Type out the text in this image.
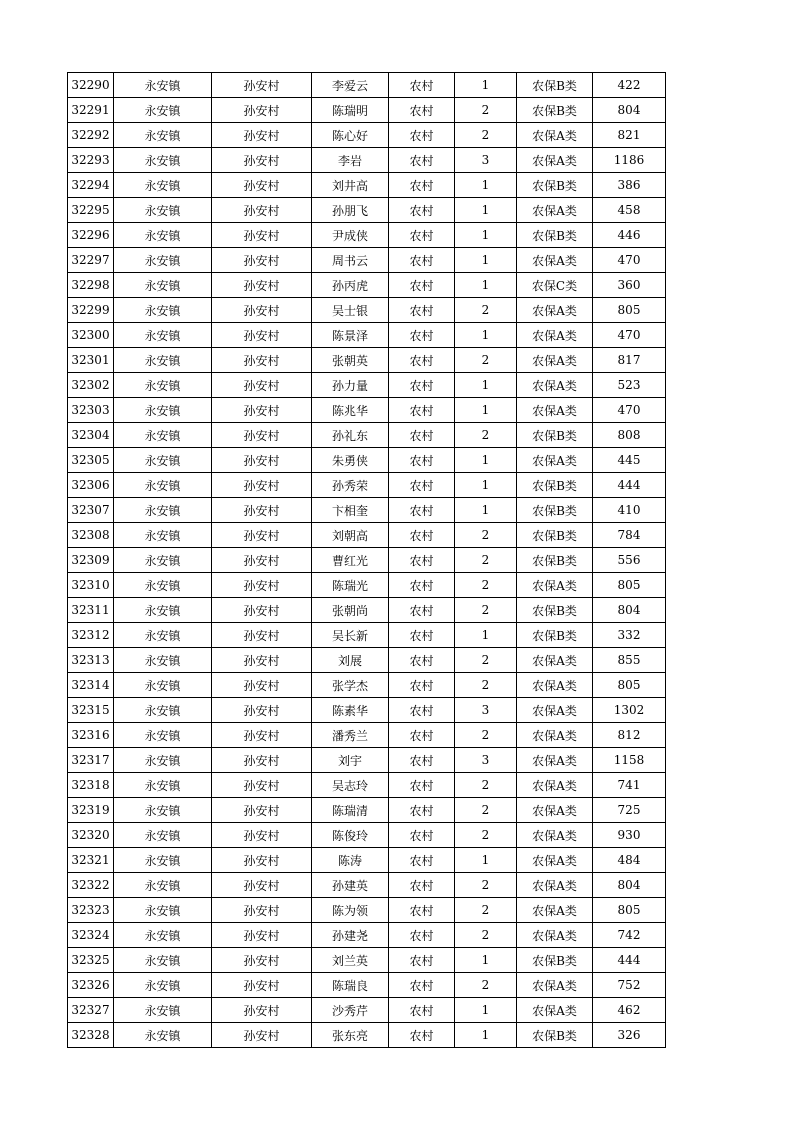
32290	永安镇	孙安村	李爱云	农村	1	农保B类	422
32291	永安镇	孙安村	陈瑞明	农村	2	农保B类	804
32292	永安镇	孙安村	陈心好	农村	2	农保A类	821
32293	永安镇	孙安村	李岩	农村	3	农保A类	1186
32294	永安镇	孙安村	刘井高	农村	1	农保B类	386
32295	永安镇	孙安村	孙朋飞	农村	1	农保A类	458
32296	永安镇	孙安村	尹成侠	农村	1	农保B类	446
32297	永安镇	孙安村	周书云	农村	1	农保A类	470
32298	永安镇	孙安村	孙丙虎	农村	1	农保C类	360
32299	永安镇	孙安村	吴士银	农村	2	农保A类	805
32300	永安镇	孙安村	陈景泽	农村	1	农保A类	470
32301	永安镇	孙安村	张朝英	农村	2	农保A类	817
32302	永安镇	孙安村	孙力量	农村	1	农保A类	523
32303	永安镇	孙安村	陈兆华	农村	1	农保A类	470
32304	永安镇	孙安村	孙礼东	农村	2	农保B类	808
32305	永安镇	孙安村	朱勇侠	农村	1	农保A类	445
32306	永安镇	孙安村	孙秀荣	农村	1	农保B类	444
32307	永安镇	孙安村	卞相奎	农村	1	农保B类	410
32308	永安镇	孙安村	刘朝高	农村	2	农保B类	784
32309	永安镇	孙安村	曹红光	农村	2	农保B类	556
32310	永安镇	孙安村	陈瑞光	农村	2	农保A类	805
32311	永安镇	孙安村	张朝尚	农村	2	农保B类	804
32312	永安镇	孙安村	吴长新	农村	1	农保B类	332
32313	永安镇	孙安村	刘展	农村	2	农保A类	855
32314	永安镇	孙安村	张学杰	农村	2	农保A类	805
32315	永安镇	孙安村	陈素华	农村	3	农保A类	1302
32316	永安镇	孙安村	潘秀兰	农村	2	农保A类	812
32317	永安镇	孙安村	刘宇	农村	3	农保A类	1158
32318	永安镇	孙安村	吴志玲	农村	2	农保A类	741
32319	永安镇	孙安村	陈瑞清	农村	2	农保A类	725
32320	永安镇	孙安村	陈俊玲	农村	2	农保A类	930
32321	永安镇	孙安村	陈涛	农村	1	农保A类	484
32322	永安镇	孙安村	孙建英	农村	2	农保A类	804
32323	永安镇	孙安村	陈为领	农村	2	农保A类	805
32324	永安镇	孙安村	孙建尧	农村	2	农保A类	742
32325	永安镇	孙安村	刘兰英	农村	1	农保B类	444
32326	永安镇	孙安村	陈瑞良	农村	2	农保A类	752
32327	永安镇	孙安村	沙秀芹	农村	1	农保A类	462
32328	永安镇	孙安村	张东亮	农村	1	农保B类	326
